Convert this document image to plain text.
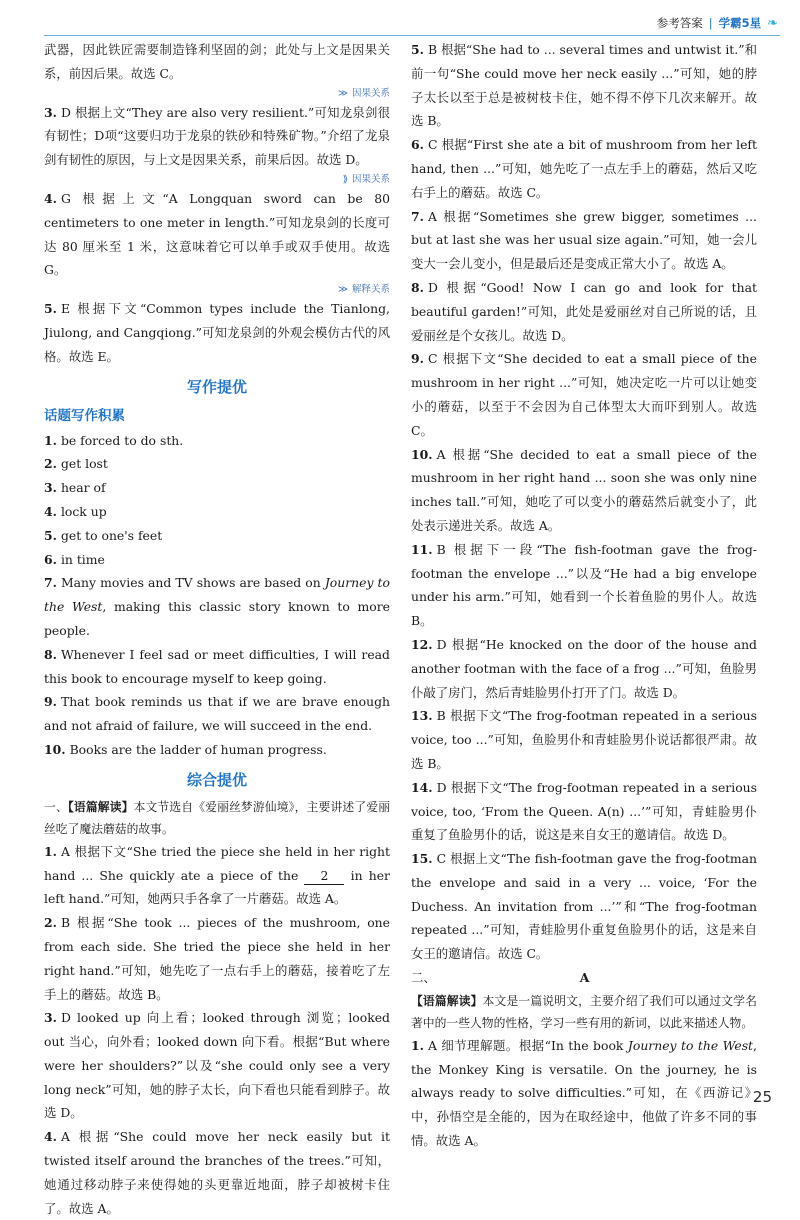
参考答案 | 学霸5星 ❧

武器，因此铁匠需要制造锋利坚固的剑；此处与上文是因果关系，前因后果。故选 C。

≫ 因果关系

3. D 根据上文“They are also very resilient.”可知龙泉剑很有韧性；D项“这要归功于龙泉的铁砂和特殊矿物。”介绍了龙泉剑有韧性的原因，与上文是因果关系，前果后因。故选 D。

⟫ 因果关系

4. G 根据上文“A Longquan sword can be 80 centimeters to one meter in length.”可知龙泉剑的长度可达 80 厘米至 1 米，这意味着它可以单手或双手使用。故选 G。

≫ 解释关系

5. E 根据下文“Common types include the Tianlong, Jiulong, and Cangqiong.”可知龙泉剑的外观会模仿古代的风格。故选 E。

写作提优
话题写作积累

1. be forced to do sth.

2. get lost

3. hear of

4. lock up

5. get to one's feet

6. in time

7. Many movies and TV shows are based on Journey to the West, making this classic story known to more people.

8. Whenever I feel sad or meet difficulties, I will read this book to encourage myself to keep going.

9. That book reminds us that if we are brave enough and not afraid of failure, we will succeed in the end.

10. Books are the ladder of human progress.

综合提优

一、【语篇解读】本文节选自《爱丽丝梦游仙境》，主要讲述了爱丽丝吃了魔法蘑菇的故事。

1. A 根据下文“She tried the piece she held in her right hand ... She quickly ate a piece of the 2 in her left hand.”可知，她两只手各拿了一片蘑菇。故选 A。

2. B 根据“She took ... pieces of the mushroom, one from each side. She tried the piece she held in her right hand.”可知，她先吃了一点右手上的蘑菇，接着吃了左手上的蘑菇。故选 B。

3. D looked up 向上看；looked through 浏览；looked out 当心，向外看；looked down 向下看。根据“But where were her shoulders?”以及“she could only see a very long neck”可知，她的脖子太长，向下看也只能看到脖子。故选 D。

4. A 根据“She could move her neck easily but it twisted itself around the branches of the trees.”可知，她通过移动脖子来使得她的头更靠近地面，脖子却被树卡住了。故选 A。

5. B 根据“She had to ... several times and untwist it.”和前一句“She could move her neck easily ...”可知，她的脖子太长以至于总是被树枝卡住，她不得不停下几次来解开。故选 B。

6. C 根据“First she ate a bit of mushroom from her left hand, then ...”可知，她先吃了一点左手上的蘑菇，然后又吃右手上的蘑菇。故选 C。

7. A 根据“Sometimes she grew bigger, sometimes ... but at last she was her usual size again.”可知，她一会儿变大一会儿变小，但是最后还是变成正常大小了。故选 A。

8. D 根据“Good! Now I can go and look for that beautiful garden!”可知，此处是爱丽丝对自己所说的话，且爱丽丝是个女孩儿。故选 D。

9. C 根据下文“She decided to eat a small piece of the mushroom in her right ...”可知，她决定吃一片可以让她变小的蘑菇，以至于不会因为自己体型太大而吓到别人。故选 C。

10. A 根据“She decided to eat a small piece of the mushroom in her right hand ... soon she was only nine inches tall.”可知，她吃了可以变小的蘑菇然后就变小了，此处表示递进关系。故选 A。

11. B 根据下一段“The fish-footman gave the frog-footman the envelope ...”以及“He had a big envelope under his arm.”可知，她看到一个长着鱼脸的男仆人。故选 B。

12. D 根据“He knocked on the door of the house and another footman with the face of a frog ...”可知，鱼脸男仆敲了房门，然后青蛙脸男仆打开了门。故选 D。

13. B 根据下文“The frog-footman repeated in a serious voice, too ...”可知，鱼脸男仆和青蛙脸男仆说话都很严肃。故选 B。

14. D 根据下文“The frog-footman repeated in a serious voice, too, ‘From the Queen. A(n) ...’”可知，青蛙脸男仆重复了鱼脸男仆的话，说这是来自女王的邀请信。故选 D。

15. C 根据上文“The fish-footman gave the frog-footman the envelope and said in a very ... voice, ‘For the Duchess. An invitation from ...’”和“The frog-footman repeated ...”可知，青蛙脸男仆重复鱼脸男仆的话，这是来自女王的邀请信。故选 C。

二、	A

【语篇解读】本文是一篇说明文，主要介绍了我们可以通过文学名著中的一些人物的性格，学习一些有用的新词，以此来描述人物。

1. A 细节理解题。根据“In the book Journey to the West, the Monkey King is versatile. On the journey, he is always ready to solve difficulties.”可知，在《西游记》中，孙悟空是全能的，因为在取经途中，他做了许多不同的事情。故选 A。

25
